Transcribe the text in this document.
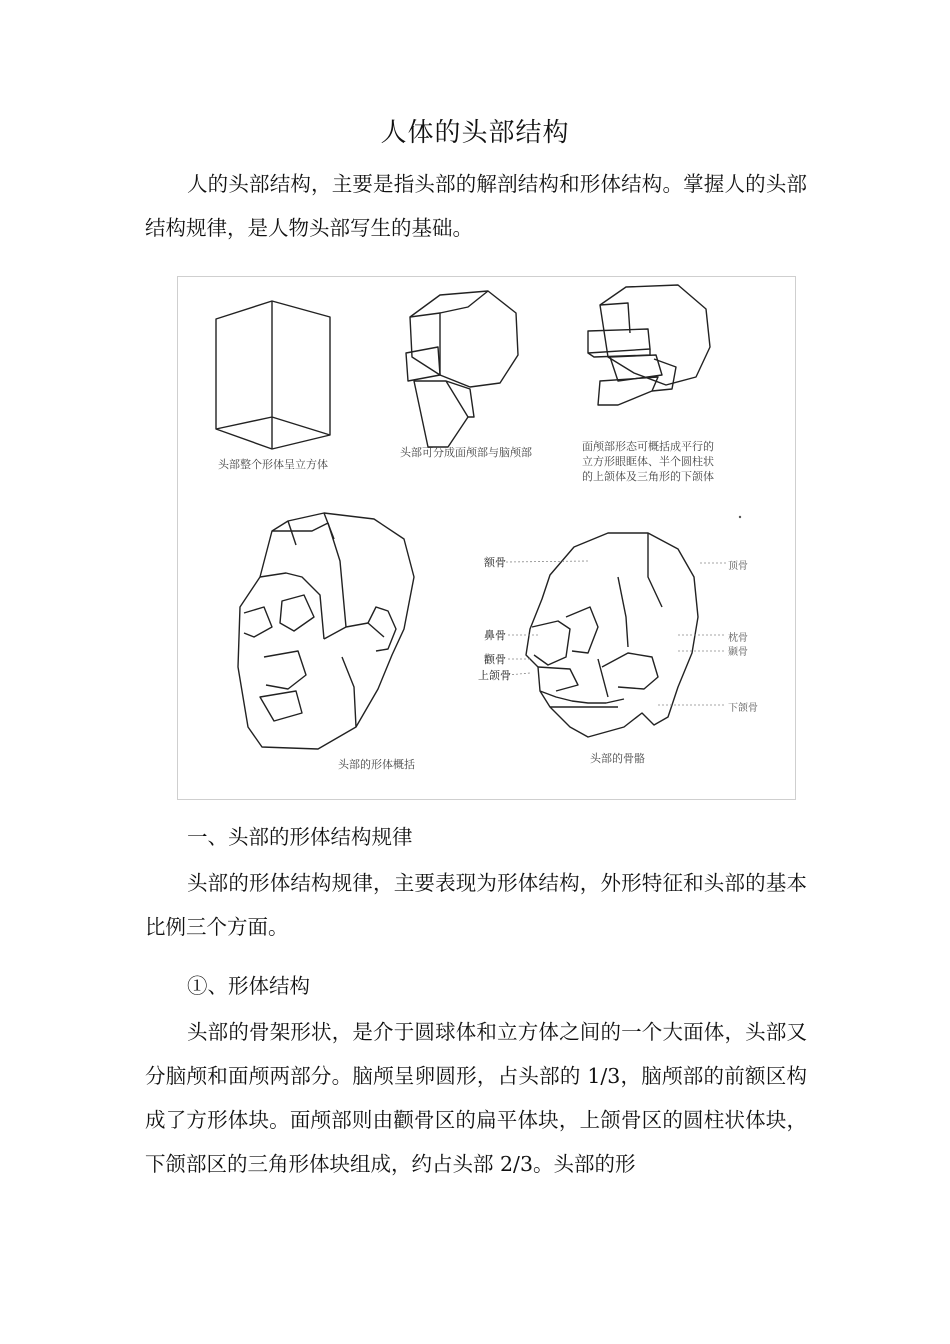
人体的头部结构

人的头部结构，主要是指头部的解剖结构和形体结构。掌握人的头部结构规律，是人物头部写生的基础。

头部整个形体呈立方体
头部可分成面颅部与脑颅部	面颅部形态可概括成平行的立方形眼眶体、半个圆柱状的上颌体及三角形的下颌体
头部的形体概括	头部的骨骼
额骨
鼻骨
颧骨
上颌骨
顶骨
枕骨
颞骨
下颌骨
一、头部的形体结构规律

头部的形体结构规律，主要表现为形体结构，外形特征和头部的基本比例三个方面。

①、形体结构

头部的骨架形状，是介于圆球体和立方体之间的一个大面体，头部又分脑颅和面颅两部分。脑颅呈卵圆形，占头部的 1/3，脑颅部的前额区构成了方形体块。面颅部则由颧骨区的扁平体块，上颌骨区的圆柱状体块，下颌部区的三角形体块组成，约占头部 2/3。头部的形
